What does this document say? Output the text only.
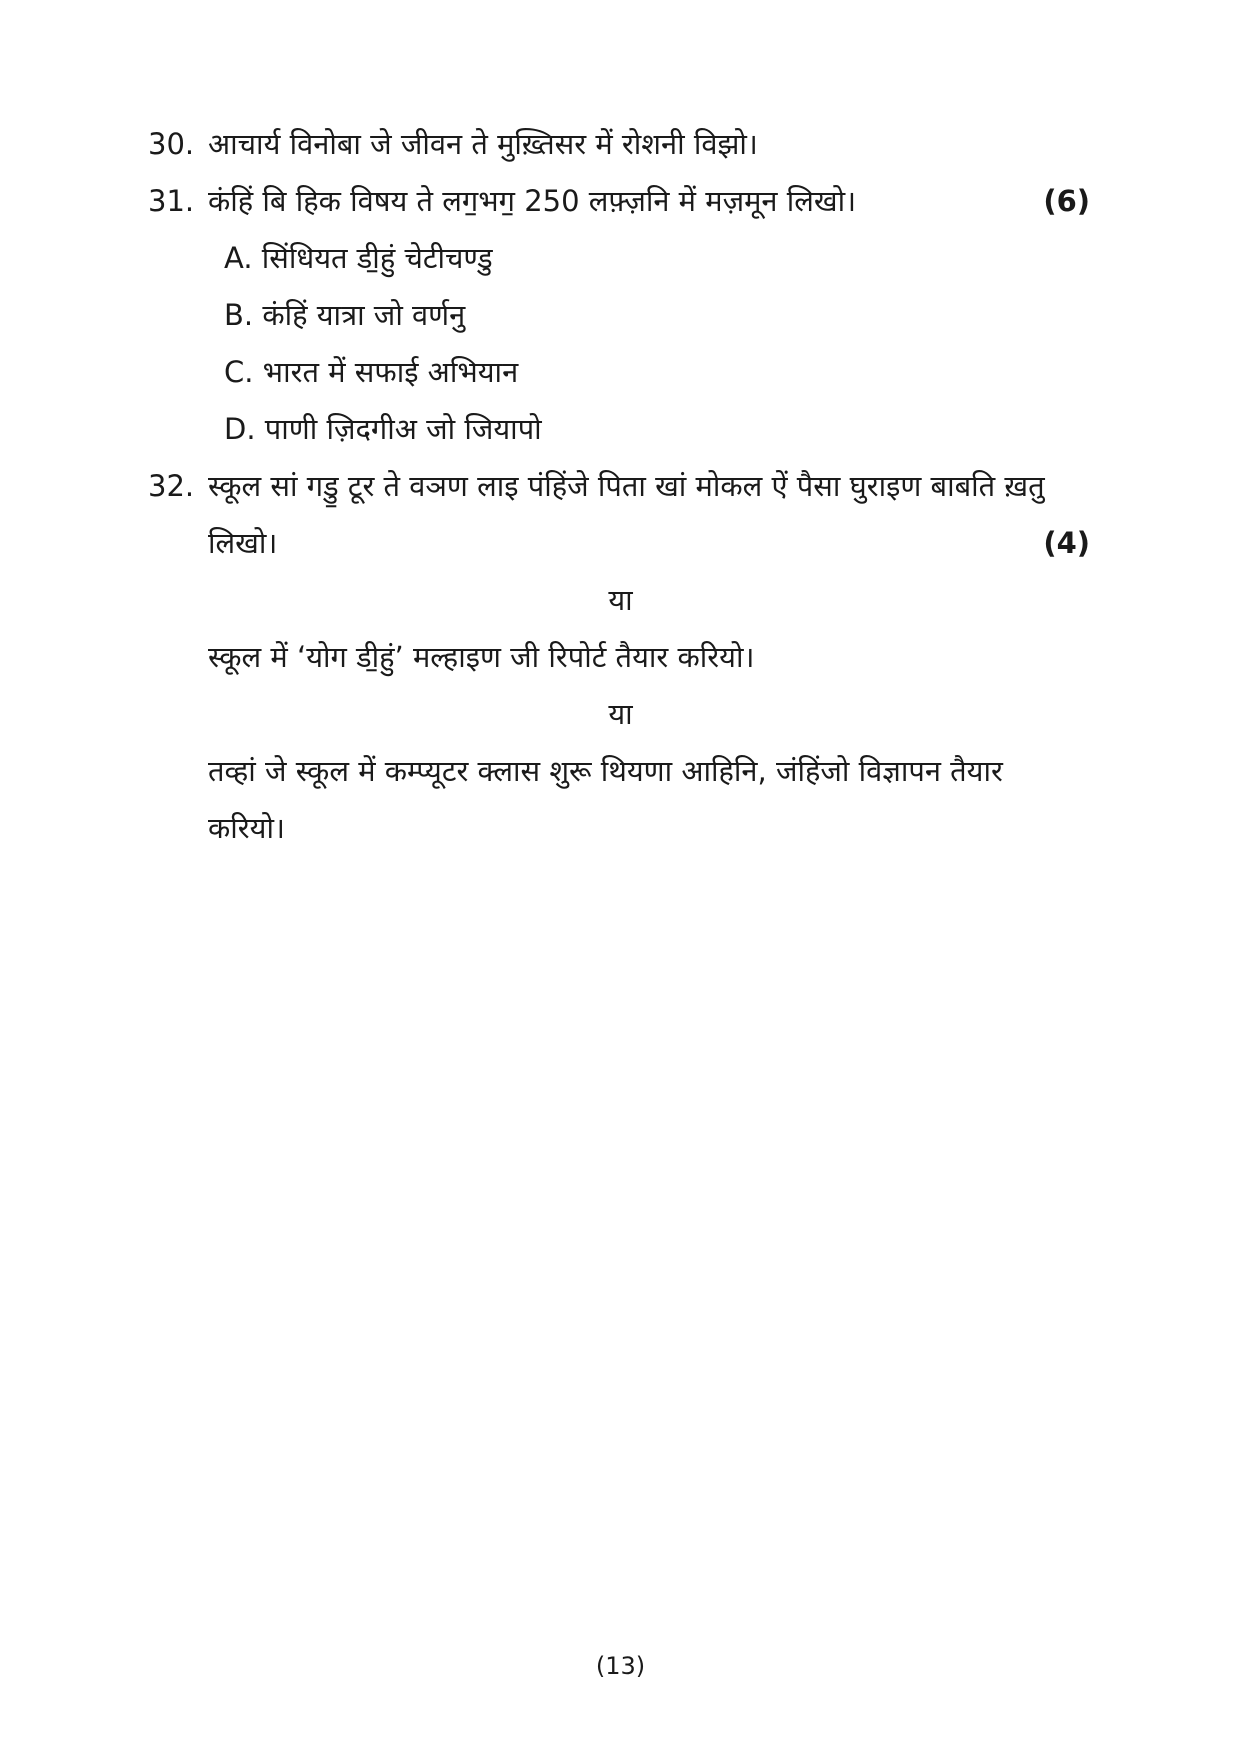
30. आचार्य विनोबा जे जीवन ते मुख़्तिसर में रोशनी विझो।
31. कंहिं बि हिक विषय ते लग॒भग॒ 250 लफ़्ज़नि में मज़मून लिखो।	(6)
A. सिंधियत डी॒हुं चेटीचण्डु
B. कंहिं यात्रा जो वर्णनु
C. भारत में सफाई अभियान
D. पाणी ज़िदगीअ जो जियापो
32. स्कूल सां गडु॒ टूर ते वञण लाइ पंहिंजे पिता खां मोकल ऐं पैसा घुराइण बाबति ख़तु
लिखो।	(4)
या
स्कूल में ‘योग डी॒हुं’ मल्हाइण जी रिपोर्ट तैयार करियो।
या
तव्हां जे स्कूल में कम्प्यूटर क्लास शुरू थियणा आहिनि, जंहिंजो विज्ञापन तैयार
करियो।
(13)
